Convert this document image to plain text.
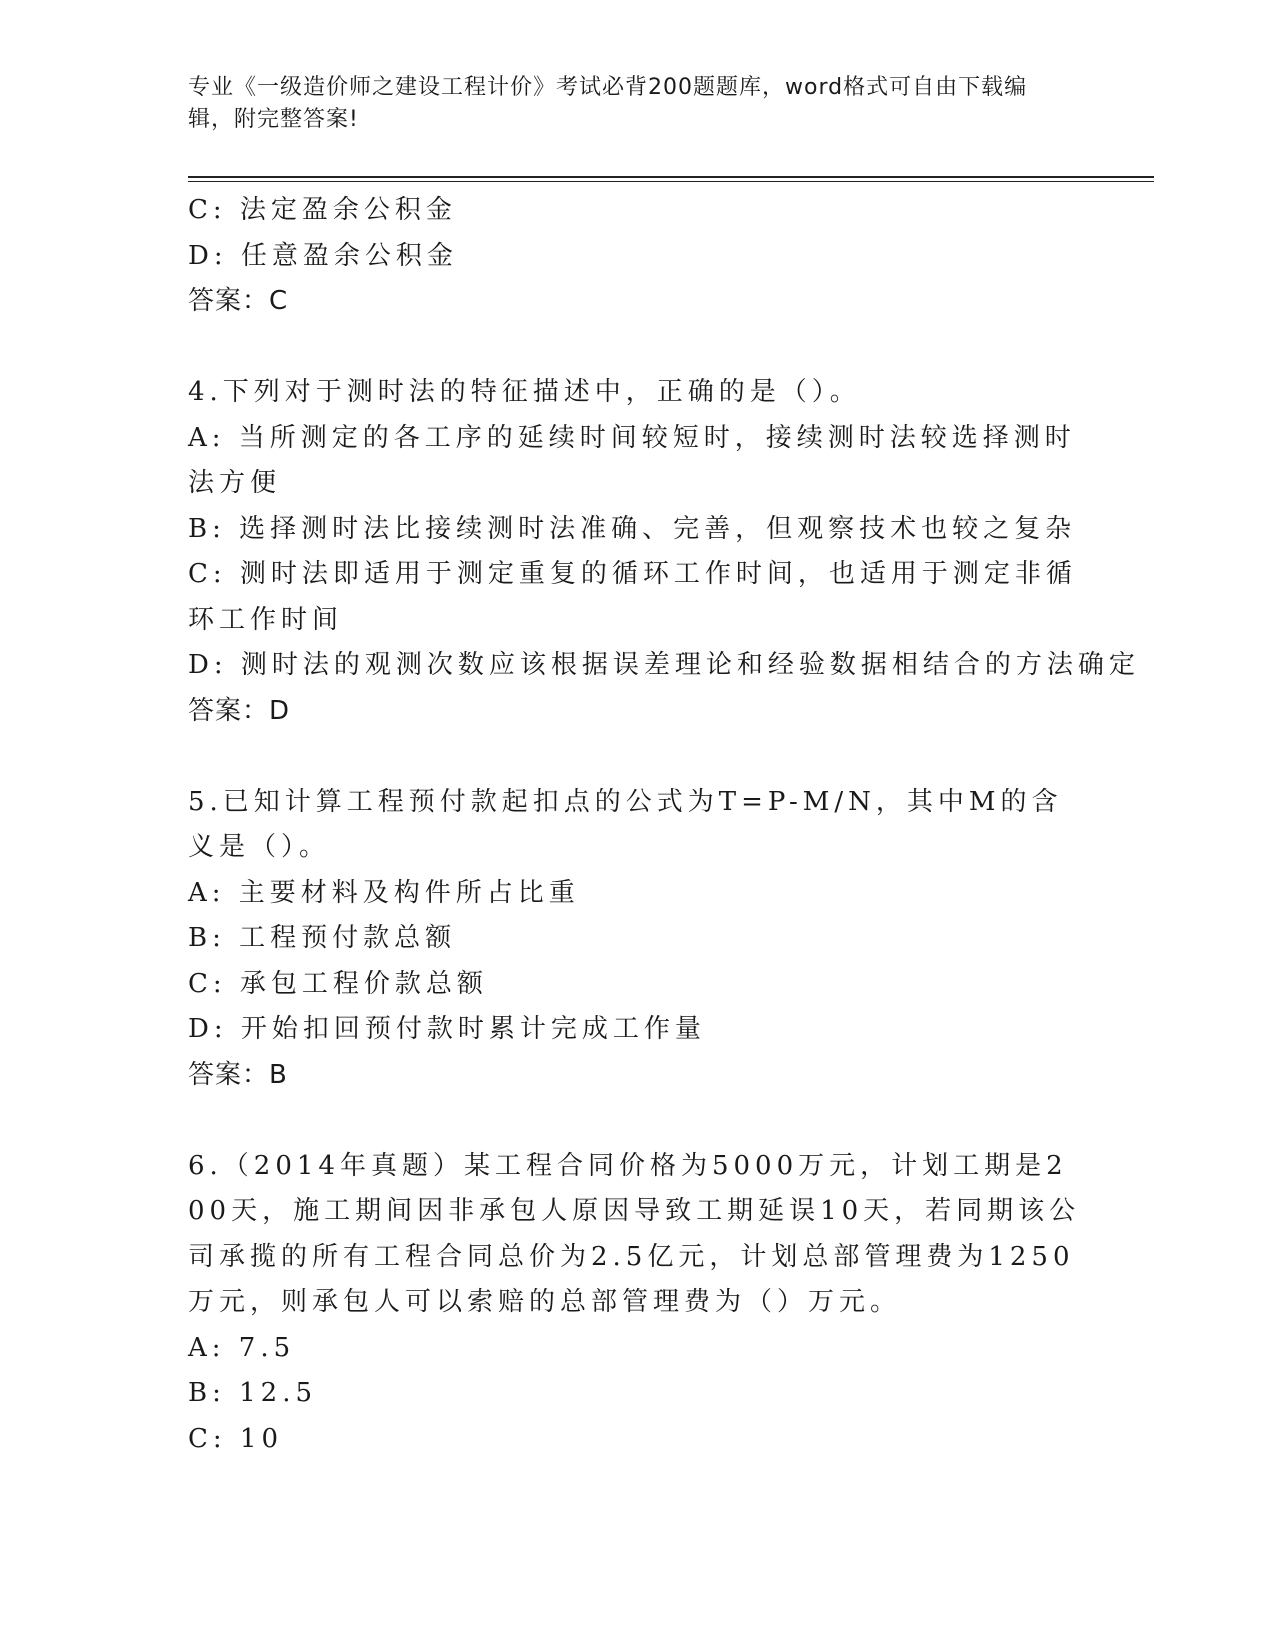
专业《一级造价师之建设工程计价》考试必背200题题库，word格式可自由下载编辑，附完整答案!
C: 法定盈余公积金
D: 任意盈余公积金
答案：C
4.下列对于测时法的特征描述中，正确的是（）。
A: 当所测定的各工序的延续时间较短时，接续测时法较选择测时法方便
B: 选择测时法比接续测时法准确、完善，但观察技术也较之复杂
C: 测时法即适用于测定重复的循环工作时间，也适用于测定非循环工作时间
D: 测时法的观测次数应该根据误差理论和经验数据相结合的方法确定
答案：D
5.已知计算工程预付款起扣点的公式为T=P-M/N，其中M的含义是（）。
A: 主要材料及构件所占比重
B: 工程预付款总额
C: 承包工程价款总额
D: 开始扣回预付款时累计完成工作量
答案：B
6.（2014年真题）某工程合同价格为5000万元，计划工期是200天，施工期间因非承包人原因导致工期延误10天，若同期该公司承揽的所有工程合同总价为2.5亿元，计划总部管理费为1250万元，则承包人可以索赔的总部管理费为（）万元。
A: 7.5
B: 12.5
C: 10
